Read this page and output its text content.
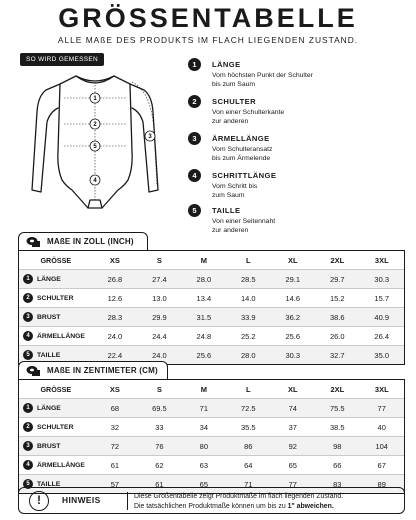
GRÖSSENTABELLE
ALLE MAßE DES PRODUKTS IM FLACH LIEGENDEN ZUSTAND.
SO WIRD GEMESSEN
1
2
3
4
5
1	LÄNGE
Vom höchsten Punkt der Schulter
bis zum Saum
2	SCHULTER
Von einer Schulterkante
zur anderen
3	ÄRMELLÄNGE
Vom Schulteransatz
bis zum Ärmelende
4	SCHRITTLÄNGE
Vom Schritt bis
zum Saum
5	TAILLE
Von einer Seitennaht
zur anderen
MAßE IN ZOLL (INCH)
GRÖSSE	XS	S	M	L	XL	2XL	3XL
1	LÄNGE	26.8	27.4	28.0	28.5	29.1	29.7	30.3
2	SCHULTER	12.6	13.0	13.4	14.0	14.6	15.2	15.7
3	BRUST	28.3	29.9	31.5	33.9	36.2	38.6	40.9
4	ÄRMELLÄNGE	24.0	24.4	24.8	25.2	25.6	26.0	26.4
5	TAILLE	22.4	24.0	25.6	28.0	30.3	32.7	35.0
MAßE IN ZENTIMETER (CM)
GRÖSSE	XS	S	M	L	XL	2XL	3XL
1	LÄNGE	68	69.5	71	72.5	74	75.5	77
2	SCHULTER	32	33	34	35.5	37	38.5	40
3	BRUST	72	76	80	86	92	98	104
4	ÄRMELLÄNGE	61	62	63	64	65	66	67
5	TAILLE	57	61	65	71	77	83	89
!	HINWEIS	Diese Größentabelle zeigt Produktmaße im flach liegenden Zustand.
Die tatsächlichen Produktmaße können um bis zu 1" abweichen.
